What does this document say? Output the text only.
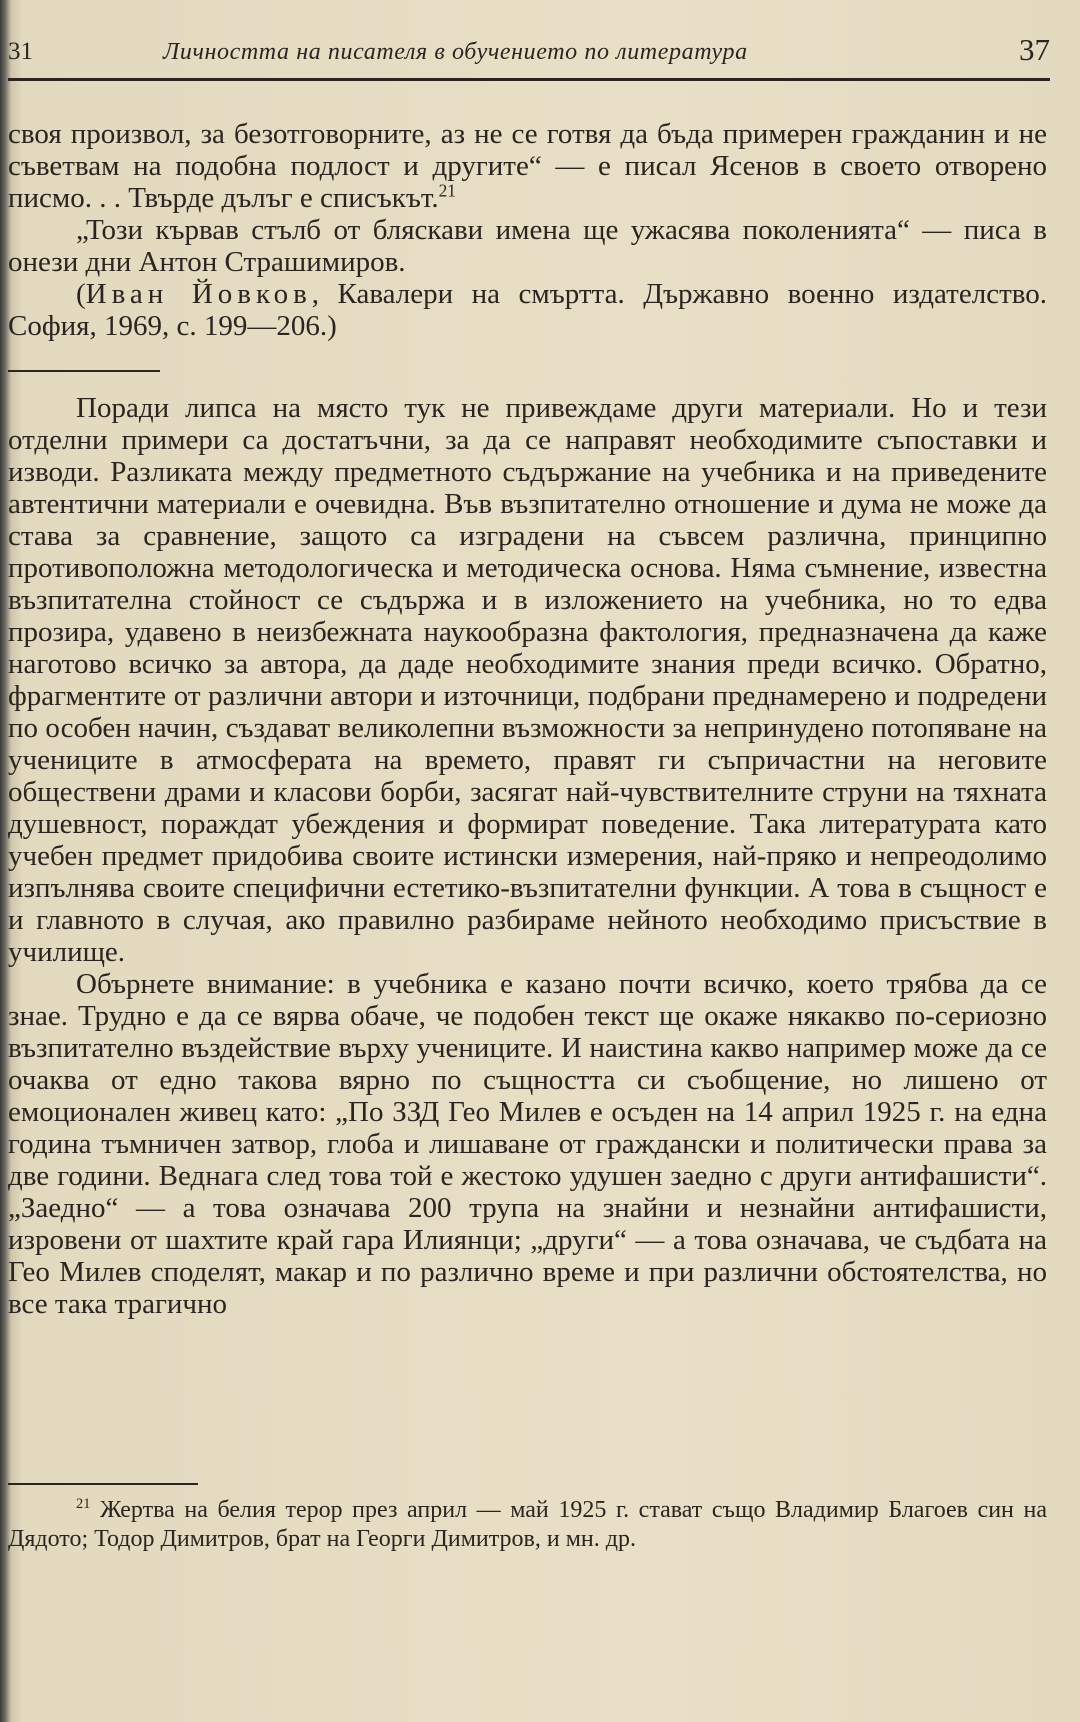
31	Личността на писателя в обучението по литература	37

своя произвол, за безотговорните, аз не се готвя да бъда примерен гражданин и не съветвам на подобна подлост и другите“ — е писал Ясенов в своето отворено писмо. . . Твърде дълъг е списъкът.$^{21}$

„Този кървав стълб от бляскави имена ще ужасява поколенията“ — писа в онези дни Антон Страшимиров.

(Иван Йовков, Кавалери на смъртта. Държавно военно издателство. София, 1969, с. 199—206.)

Поради липса на място тук не привеждаме други материали. Но и тези отделни примери са достатъчни, за да се направят необходимите съпоставки и изводи. Разликата между предметното съдържание на учебника и на приведените автентични материали е очевидна. Във възпитателно отношение и дума не може да става за сравнение, защото са изградени на съвсем различна, принципно противоположна методологическа и методическа основа. Няма съмнение, известна възпитателна стойност се съдържа и в изложението на учебника, но то едва прозира, удавено в неизбежната наукообразна фактология, предназначена да каже наготово всичко за автора, да даде необходимите знания преди всичко. Обратно, фрагментите от различни автори и източници, подбрани преднамерено и подредени по особен начин, създават великолепни възможности за непринудено потопяване на учениците в атмосферата на времето, правят ги съпричастни на неговите обществени драми и класови борби, засягат най-чувствителните струни на тяхната душевност, пораждат убеждения и формират поведение. Така литературата като учебен предмет придобива своите истински измерения, най-пряко и непреодолимо изпълнява своите специфични естетико-възпитателни функции. А това в същност е и главното в случая, ако правилно разбираме нейното необходимо присъствие в училище.

Обърнете внимание: в учебника е казано почти всичко, което трябва да се знае. Трудно е да се вярва обаче, че подобен текст ще окаже някакво по-сериозно възпитателно въздействие върху учениците. И наистина какво например може да се очаква от едно такова вярно по същността си съобщение, но лишено от емоционален живец като: „По ЗЗД Гео Милев е осъден на 14 април 1925 г. на една година тъмничен затвор, глоба и лишаване от граждански и политически права за две години. Веднага след това той е жестоко удушен заедно с други антифашисти“. „Заедно“ — а това означава 200 трупа на знайни и незнайни антифашисти, изровени от шахтите край гара Илиянци; „други“ — а това означава, че съдбата на Гео Милев споделят, макар и по различно време и при различни обстоятелства, но все така трагично

$^{21}$ Жертва на белия терор през април — май 1925 г. стават също Владимир Благоев син на Дядото; Тодор Димитров, брат на Георги Димитров, и мн. др.
